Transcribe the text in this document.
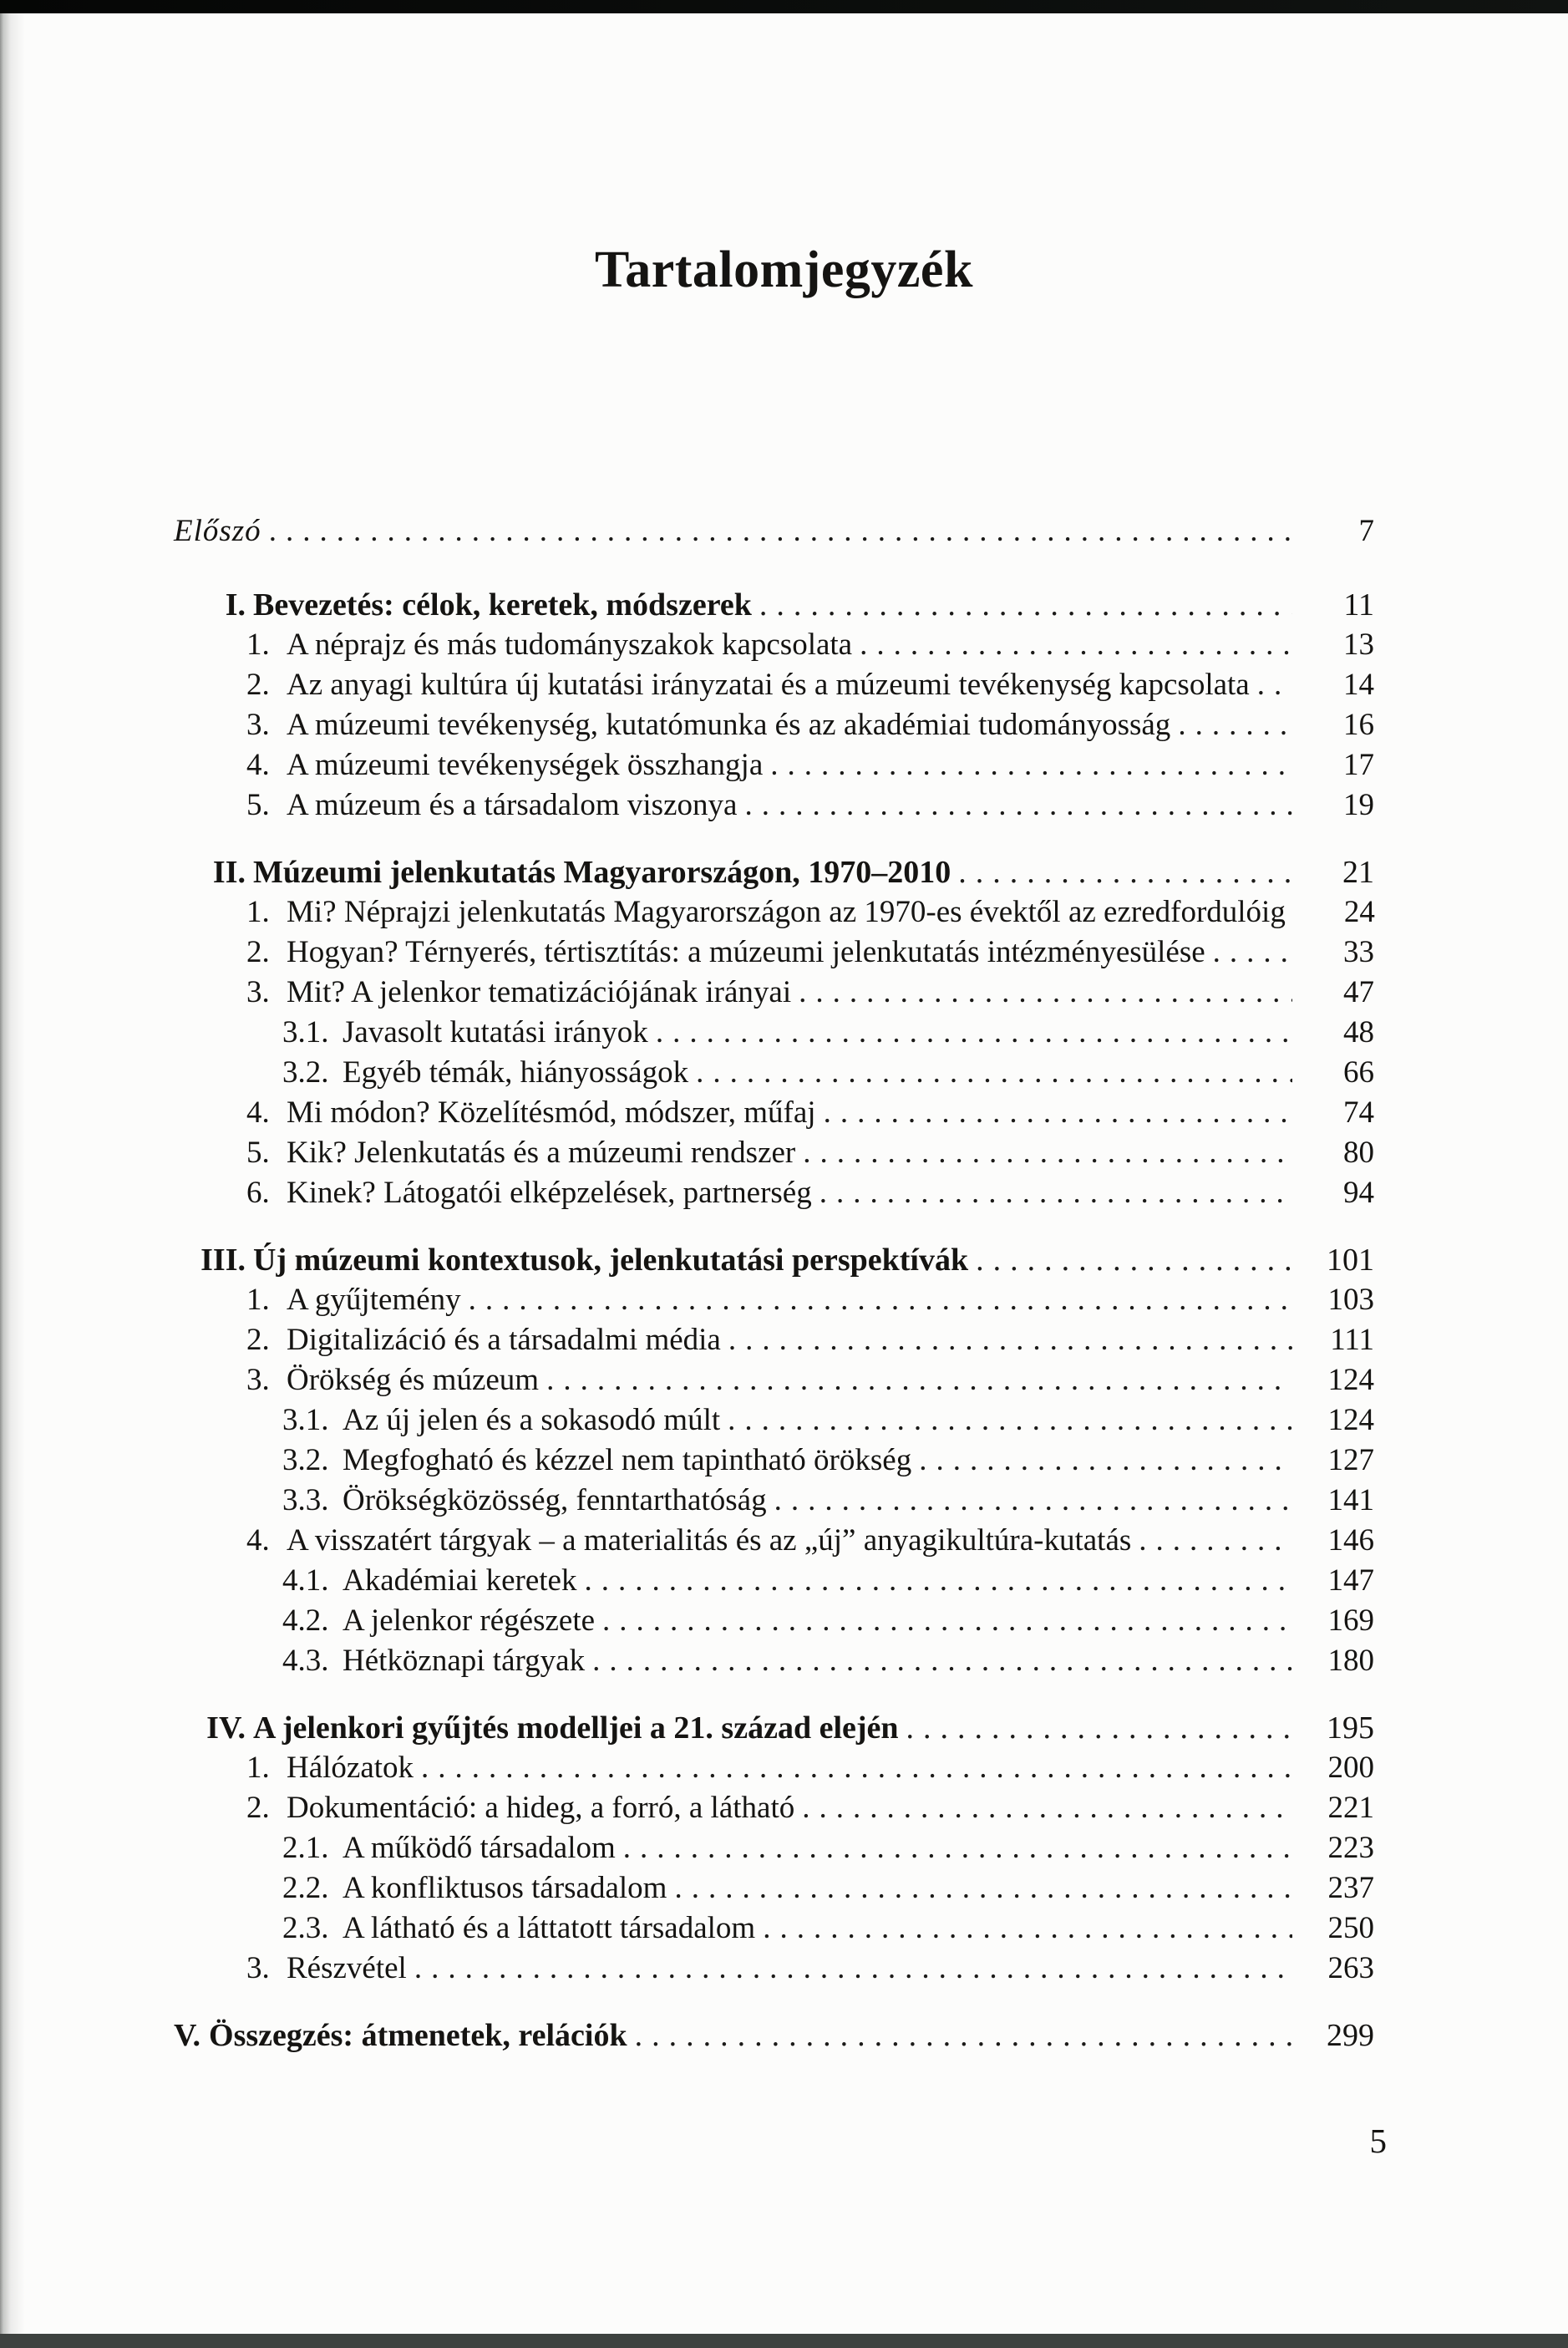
Tartalomjegyzék
Előszó .....	7
I. Bevezetés: célok, keretek, módszerek .....	11
1. A néprajz és más tudományszakok kapcsolata .....	13
2. Az anyagi kultúra új kutatási irányzatai és a múzeumi tevékenység kapcsolata .....	14
3. A múzeumi tevékenység, kutatómunka és az akadémiai tudományosság .....	16
4. A múzeumi tevékenységek összhangja .....	17
5. A múzeum és a társadalom viszonya .....	19
II. Múzeumi jelenkutatás Magyarországon, 1970–2010 .....	21
1. Mi? Néprajzi jelenkutatás Magyarországon az 1970-es évektől az ezredfordulóig	24
2. Hogyan? Térnyerés, tértisztítás: a múzeumi jelenkutatás intézményesülése .....	33
3. Mit? A jelenkor tematizációjának irányai .....	47
3.1. Javasolt kutatási irányok .....	48
3.2. Egyéb témák, hiányosságok .....	66
4. Mi módon? Közelítésmód, módszer, műfaj .....	74
5. Kik? Jelenkutatás és a múzeumi rendszer .....	80
6. Kinek? Látogatói elképzelések, partnerség .....	94
III. Új múzeumi kontextusok, jelenkutatási perspektívák .....	101
1. A gyűjtemény .....	103
2. Digitalizáció és a társadalmi média .....	111
3. Örökség és múzeum .....	124
3.1. Az új jelen és a sokasodó múlt .....	124
3.2. Megfogható és kézzel nem tapintható örökség .....	127
3.3. Örökségközösség, fenntarthatóság .....	141
4. A visszatért tárgyak – a materialitás és az „új” anyagikultúra-kutatás .....	146
4.1. Akadémiai keretek .....	147
4.2. A jelenkor régészete .....	169
4.3. Hétköznapi tárgyak .....	180
IV. A jelenkori gyűjtés modelljei a 21. század elején .....	195
1. Hálózatok .....	200
2. Dokumentáció: a hideg, a forró, a látható .....	221
2.1. A működő társadalom .....	223
2.2. A konfliktusos társadalom .....	237
2.3. A látható és a láttatott társadalom .....	250
3. Részvétel .....	263
V. Összegzés: átmenetek, relációk .....	299
5
